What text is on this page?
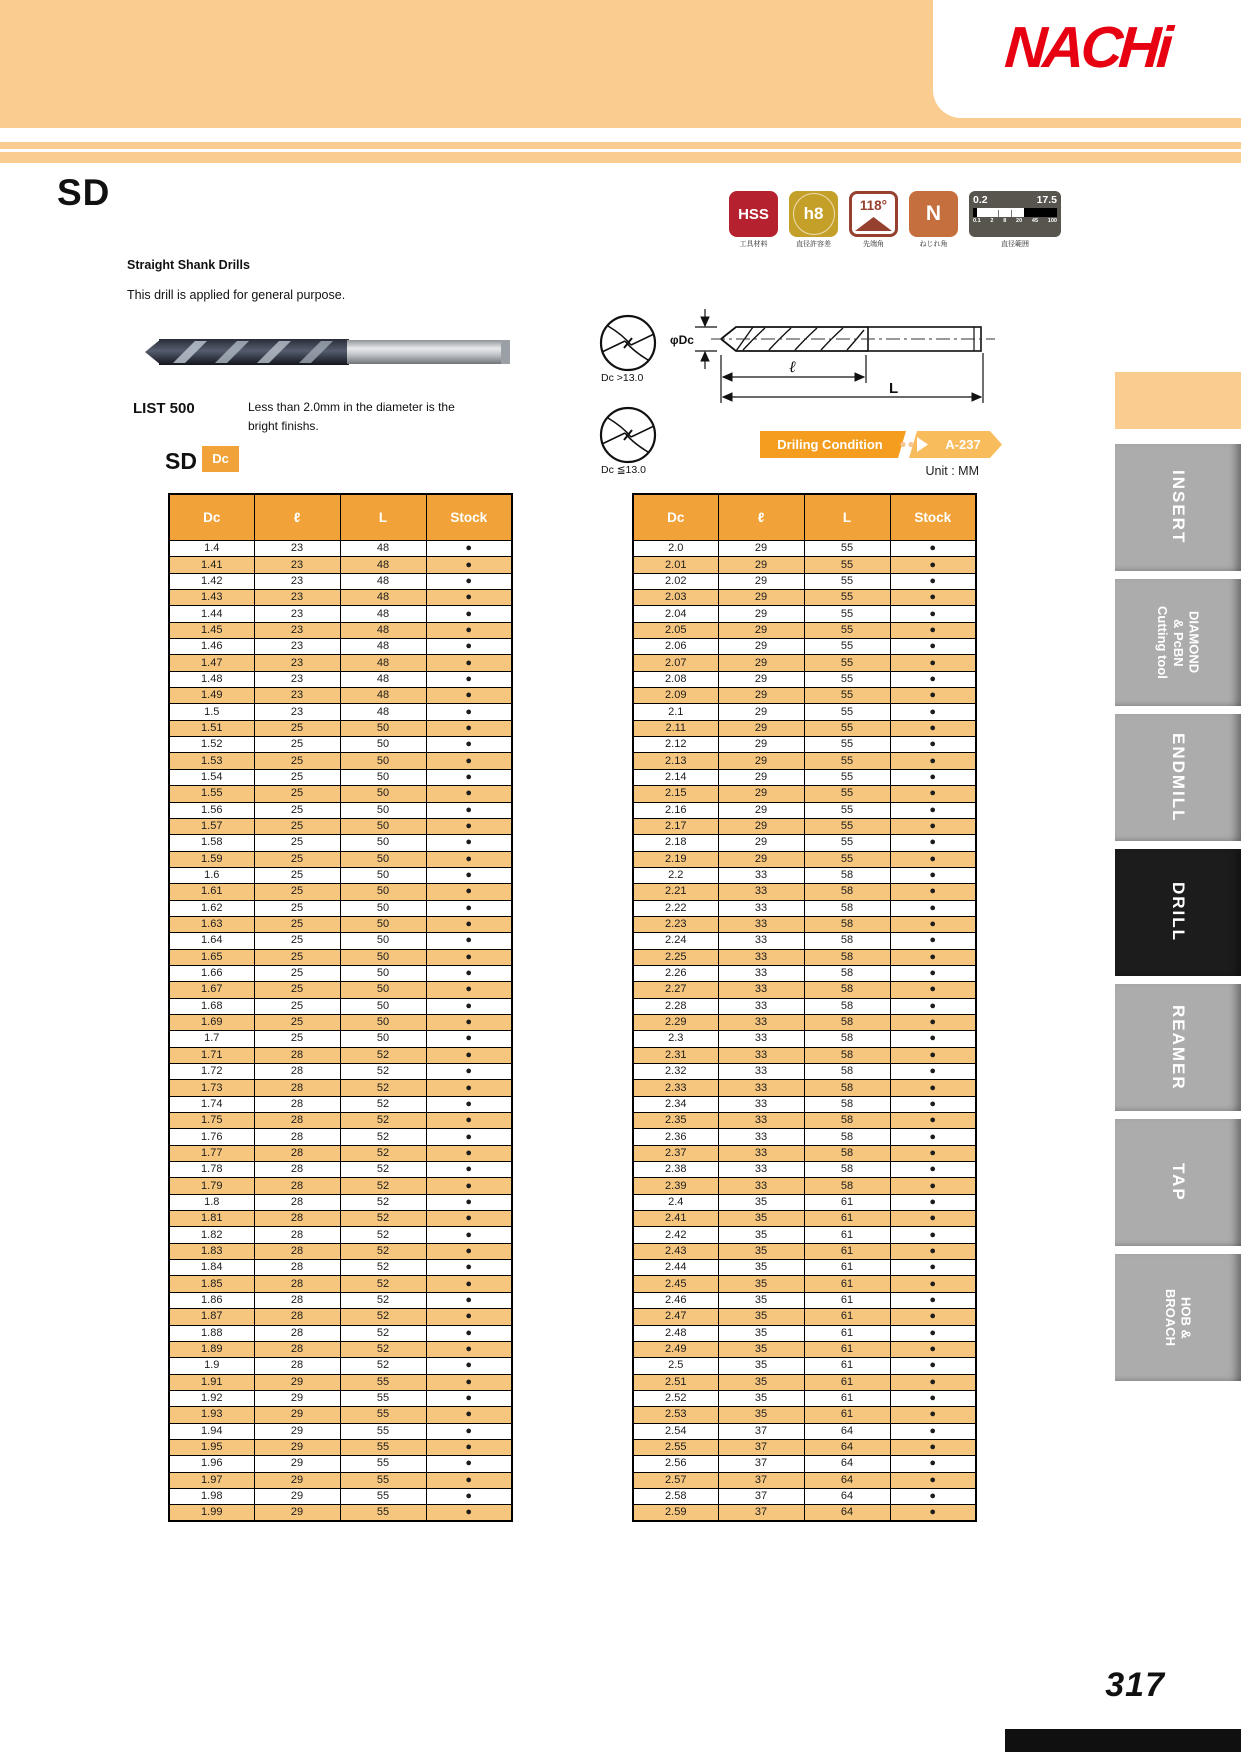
NACHi
SD
Straight Shank Drills
This drill is applied for general purpose.
HSS
工具材料
h8
直径許容差
118°
先端角
N
ねじれ角
0.2	17.5
0.1 2 8 20 45 100
直径範囲
LIST 500	Less than 2.0mm in the diameter is the
bright finishs.
SD	Dc
Dc >13.0
Dc ≦13.0
φDc
ℓ
L
Driling Condition	A-237
Unit : MM
Dc	ℓ	L	Stock
1.4	23	48	●
1.41	23	48	●
1.42	23	48	●
1.43	23	48	●
1.44	23	48	●
1.45	23	48	●
1.46	23	48	●
1.47	23	48	●
1.48	23	48	●
1.49	23	48	●
1.5	23	48	●
1.51	25	50	●
1.52	25	50	●
1.53	25	50	●
1.54	25	50	●
1.55	25	50	●
1.56	25	50	●
1.57	25	50	●
1.58	25	50	●
1.59	25	50	●
1.6	25	50	●
1.61	25	50	●
1.62	25	50	●
1.63	25	50	●
1.64	25	50	●
1.65	25	50	●
1.66	25	50	●
1.67	25	50	●
1.68	25	50	●
1.69	25	50	●
1.7	25	50	●
1.71	28	52	●
1.72	28	52	●
1.73	28	52	●
1.74	28	52	●
1.75	28	52	●
1.76	28	52	●
1.77	28	52	●
1.78	28	52	●
1.79	28	52	●
1.8	28	52	●
1.81	28	52	●
1.82	28	52	●
1.83	28	52	●
1.84	28	52	●
1.85	28	52	●
1.86	28	52	●
1.87	28	52	●
1.88	28	52	●
1.89	28	52	●
1.9	28	52	●
1.91	29	55	●
1.92	29	55	●
1.93	29	55	●
1.94	29	55	●
1.95	29	55	●
1.96	29	55	●
1.97	29	55	●
1.98	29	55	●
1.99	29	55	●
Dc	ℓ	L	Stock
2.0	29	55	●
2.01	29	55	●
2.02	29	55	●
2.03	29	55	●
2.04	29	55	●
2.05	29	55	●
2.06	29	55	●
2.07	29	55	●
2.08	29	55	●
2.09	29	55	●
2.1	29	55	●
2.11	29	55	●
2.12	29	55	●
2.13	29	55	●
2.14	29	55	●
2.15	29	55	●
2.16	29	55	●
2.17	29	55	●
2.18	29	55	●
2.19	29	55	●
2.2	33	58	●
2.21	33	58	●
2.22	33	58	●
2.23	33	58	●
2.24	33	58	●
2.25	33	58	●
2.26	33	58	●
2.27	33	58	●
2.28	33	58	●
2.29	33	58	●
2.3	33	58	●
2.31	33	58	●
2.32	33	58	●
2.33	33	58	●
2.34	33	58	●
2.35	33	58	●
2.36	33	58	●
2.37	33	58	●
2.38	33	58	●
2.39	33	58	●
2.4	35	61	●
2.41	35	61	●
2.42	35	61	●
2.43	35	61	●
2.44	35	61	●
2.45	35	61	●
2.46	35	61	●
2.47	35	61	●
2.48	35	61	●
2.49	35	61	●
2.5	35	61	●
2.51	35	61	●
2.52	35	61	●
2.53	35	61	●
2.54	37	64	●
2.55	37	64	●
2.56	37	64	●
2.57	37	64	●
2.58	37	64	●
2.59	37	64	●
INSERT
DIAMOND
& PcBN
Cutting tool
ENDMILL
DRILL
REAMER
TAP
HOB &
BROACH
317
